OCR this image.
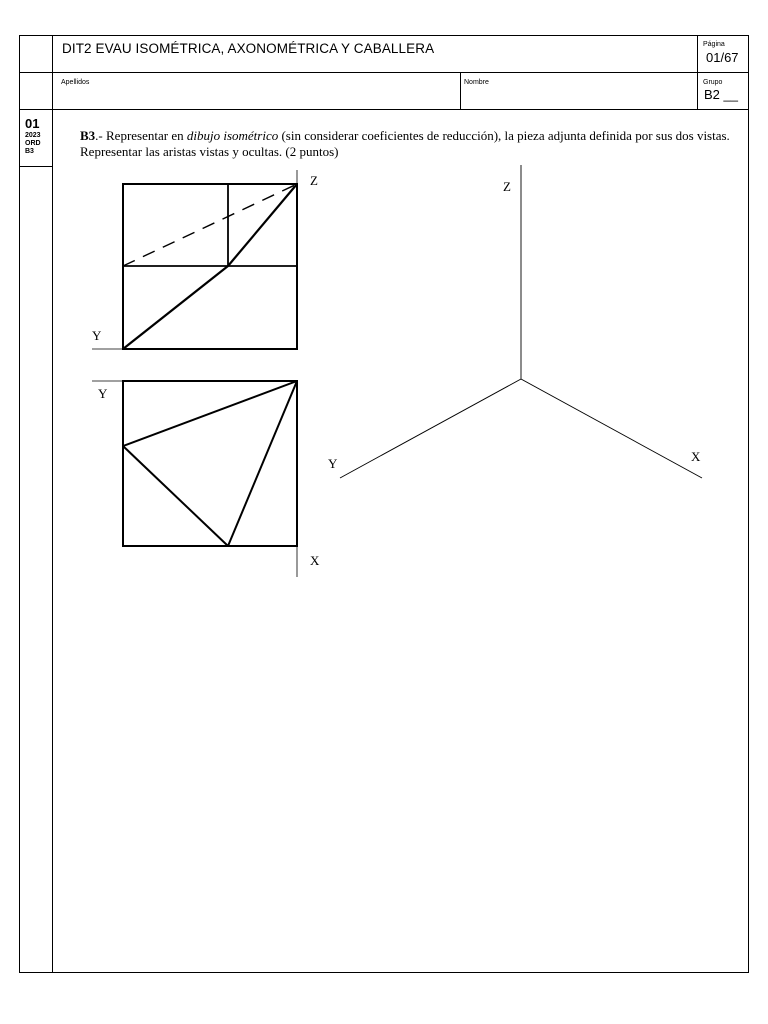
DIT2 EVAU ISOMÉTRICA, AXONOMÉTRICA Y CABALLERA	Página
01/67
Apellidos	Nombre	Grupo
B2 __
01
2023
ORD
B3
B3.- Representar en dibujo isométrico (sin considerar coeficientes de reducción), la pieza adjunta definida por sus dos vistas. Representar las aristas vistas y ocultas. (2 puntos)
Z
Y
Y
X
Z
Y	X
